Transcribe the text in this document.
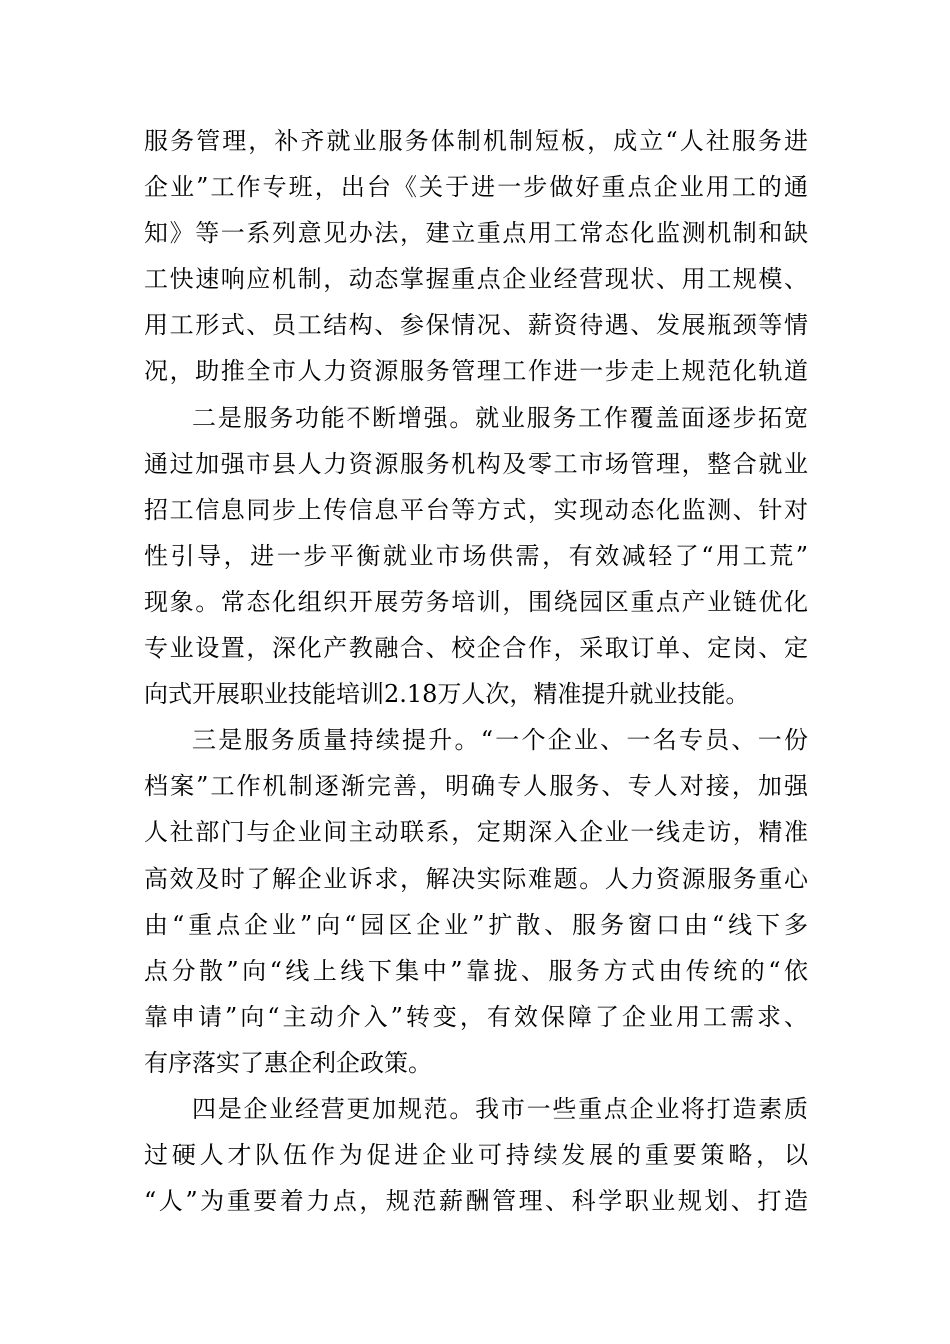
服务管理，补齐就业服务体制机制短板，成立“人社服务进
企业”工作专班，出台《关于进一步做好重点企业用工的通
知》等一系列意见办法，建立重点用工常态化监测机制和缺
工快速响应机制，动态掌握重点企业经营现状、用工规模、
用工形式、员工结构、参保情况、薪资待遇、发展瓶颈等情
况，助推全市人力资源服务管理工作进一步走上规范化轨道
二是服务功能不断增强。就业服务工作覆盖面逐步拓宽
通过加强市县人力资源服务机构及零工市场管理，整合就业
招工信息同步上传信息平台等方式，实现动态化监测、针对
性引导，进一步平衡就业市场供需，有效减轻了“用工荒”
现象。常态化组织开展劳务培训，围绕园区重点产业链优化
专业设置，深化产教融合、校企合作，采取订单、定岗、定
向式开展职业技能培训2.18万人次，精准提升就业技能。
三是服务质量持续提升。“一个企业、一名专员、一份
档案”工作机制逐渐完善，明确专人服务、专人对接，加强
人社部门与企业间主动联系，定期深入企业一线走访，精准
高效及时了解企业诉求，解决实际难题。人力资源服务重心
由“重点企业”向“园区企业”扩散、服务窗口由“线下多
点分散”向“线上线下集中”靠拢、服务方式由传统的“依
靠申请”向“主动介入”转变，有效保障了企业用工需求、
有序落实了惠企利企政策。
四是企业经营更加规范。我市一些重点企业将打造素质
过硬人才队伍作为促进企业可持续发展的重要策略，以
“人”为重要着力点，规范薪酬管理、科学职业规划、打造
